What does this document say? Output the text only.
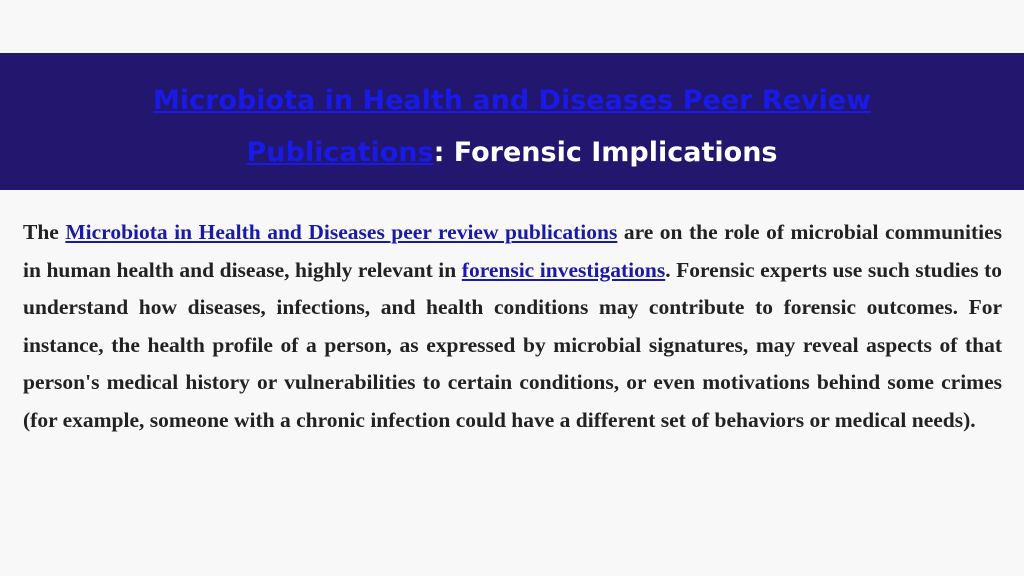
Microbiota in Health and Diseases Peer Review Publications: Forensic Implications
The Microbiota in Health and Diseases peer review publications are on the role of microbial communities in human health and disease, highly relevant in forensic investigations. Forensic experts use such studies to understand how diseases, infections, and health conditions may contribute to forensic outcomes. For instance, the health profile of a person, as expressed by microbial signatures, may reveal aspects of that person's medical history or vulnerabilities to certain conditions, or even motivations behind some crimes (for example, someone with a chronic infection could have a different set of behaviors or medical needs).
